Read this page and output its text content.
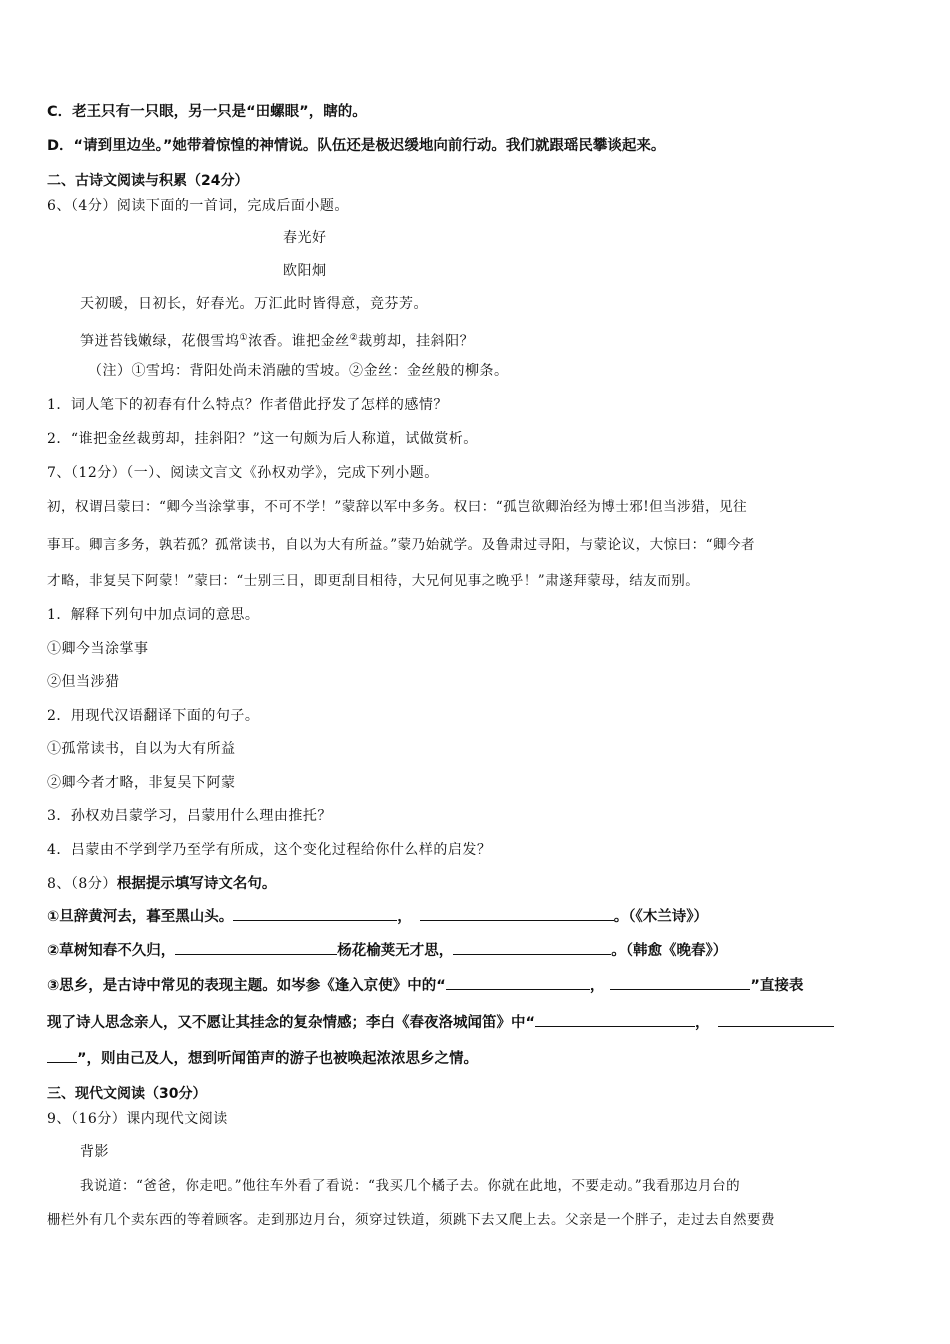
C．老王只有一只眼，另一只是“田螺眼”，瞎的。
D．“请到里边坐。”她带着惊惶的神情说。队伍还是极迟缓地向前行动。我们就跟瑶民攀谈起来。
二、古诗文阅读与积累（24分）
6、（4分）阅读下面的一首词，完成后面小题。
春光好
欧阳炯
天初暖，日初长，好春光。万汇此时皆得意，竞芬芳。
笋迸苔钱嫩绿，花偎雪坞①浓香。谁把金丝②裁剪却，挂斜阳？
（注）①雪坞：背阳处尚未消融的雪坡。②金丝：金丝般的柳条。
1．词人笔下的初春有什么特点？作者借此抒发了怎样的感情？
2．“谁把金丝裁剪却，挂斜阳？”这一句颇为后人称道，试做赏析。
7、（12分）（一）、阅读文言文《孙权劝学》，完成下列小题。
初，权谓吕蒙曰：“卿今当涂掌事，不可不学！”蒙辞以军中多务。权曰：“孤岂欲卿治经为博士邪!但当涉猎，见往
事耳。卿言多务，孰若孤？孤常读书，自以为大有所益。”蒙乃始就学。及鲁肃过寻阳，与蒙论议，大惊曰：“卿今者
才略，非复吴下阿蒙！”蒙曰：“士别三日，即更刮目相待，大兄何见事之晚乎！”肃遂拜蒙母，结友而别。
1．解释下列句中加点词的意思。
①卿今当涂掌事
②但当涉猎
2．用现代汉语翻译下面的句子。
①孤常读书，自以为大有所益
②卿今者才略，非复吴下阿蒙
3．孙权劝吕蒙学习，吕蒙用什么理由推托？
4．吕蒙由不学到学乃至学有所成，这个变化过程给你什么样的启发？
8、（8分）根据提示填写诗文名句。
①旦辞黄河去，暮至黑山头。	，	。（《木兰诗》）
②草树知春不久归，	杨花榆荚无才思，	。（韩愈《晚春》）
③思乡，是古诗中常见的表现主题。如岑参《逢入京使》中的“	，	”直接表
现了诗人思念亲人，又不愿让其挂念的复杂情感；李白《春夜洛城闻笛》中“	，
”，则由己及人，想到听闻笛声的游子也被唤起浓浓思乡之情。
三、现代文阅读（30分）
9、（16分）课内现代文阅读
背影
我说道：“爸爸，你走吧。”他往车外看了看说：“我买几个橘子去。你就在此地，不要走动。”我看那边月台的
栅栏外有几个卖东西的等着顾客。走到那边月台，须穿过铁道，须跳下去又爬上去。父亲是一个胖子，走过去自然要费
